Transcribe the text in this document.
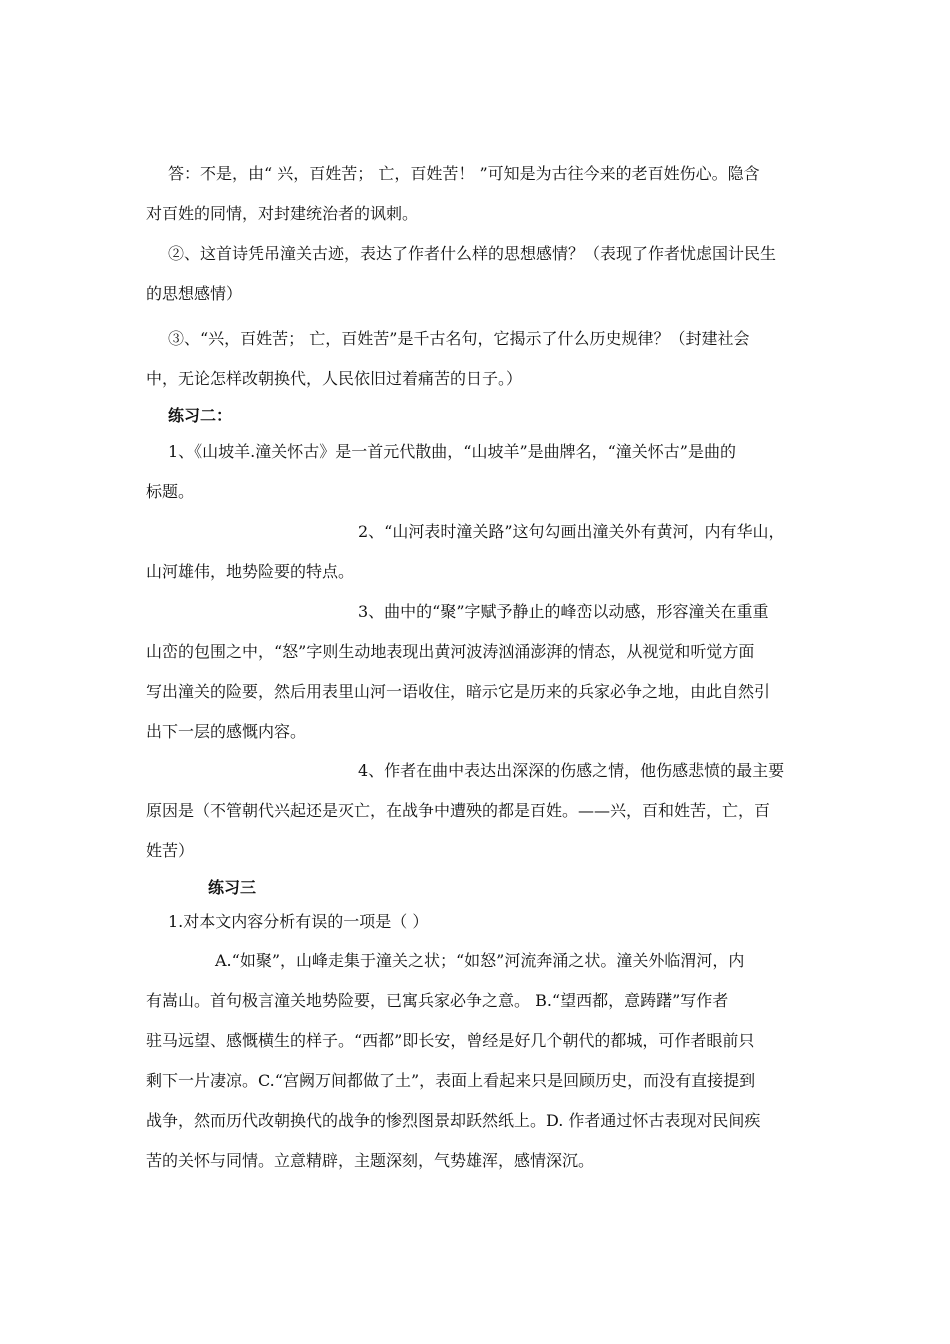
答：不是，由“ 兴，百姓苦； 亡，百姓苦！ ”可知是为古往今来的老百姓伤心。隐含
对百姓的同情，对封建统治者的讽刺。
②、这首诗凭吊潼关古迹，表达了作者什么样的思想感情？（表现了作者忧虑国计民生
的思想感情）
③、“兴，百姓苦； 亡，百姓苦”是千古名句，它揭示了什么历史规律？（封建社会
中，无论怎样改朝换代，人民依旧过着痛苦的日子。）
练习二：
1、《山坡羊.潼关怀古》是一首元代散曲，“山坡羊”是曲牌名，“潼关怀古”是曲的
标题。
2、“山河表时潼关路”这句勾画出潼关外有黄河，内有华山，
山河雄伟，地势险要的特点。
3、曲中的“聚”字赋予静止的峰峦以动感，形容潼关在重重
山峦的包围之中，“怒”字则生动地表现出黄河波涛汹涌澎湃的情态，从视觉和听觉方面
写出潼关的险要，然后用表里山河一语收住，暗示它是历来的兵家必争之地，由此自然引
出下一层的感慨内容。
4、作者在曲中表达出深深的伤感之情，他伤感悲愤的最主要
原因是（不管朝代兴起还是灭亡，在战争中遭殃的都是百姓。——兴，百和姓苦，亡，百
姓苦）
练习三
1.对本文内容分析有误的一项是（ ）
A.“如聚”，山峰走集于潼关之状；“如怒”河流奔涌之状。潼关外临渭河，内
有嵩山。首句极言潼关地势险要，已寓兵家必争之意。 B.“望西都，意踌躇”写作者
驻马远望、感慨横生的样子。“西都”即长安，曾经是好几个朝代的都城，可作者眼前只
剩下一片凄凉。C.“宫阙万间都做了土”，表面上看起来只是回顾历史，而没有直接提到
战争，然而历代改朝换代的战争的惨烈图景却跃然纸上。D. 作者通过怀古表现对民间疾
苦的关怀与同情。立意精辟，主题深刻，气势雄浑，感情深沉。
